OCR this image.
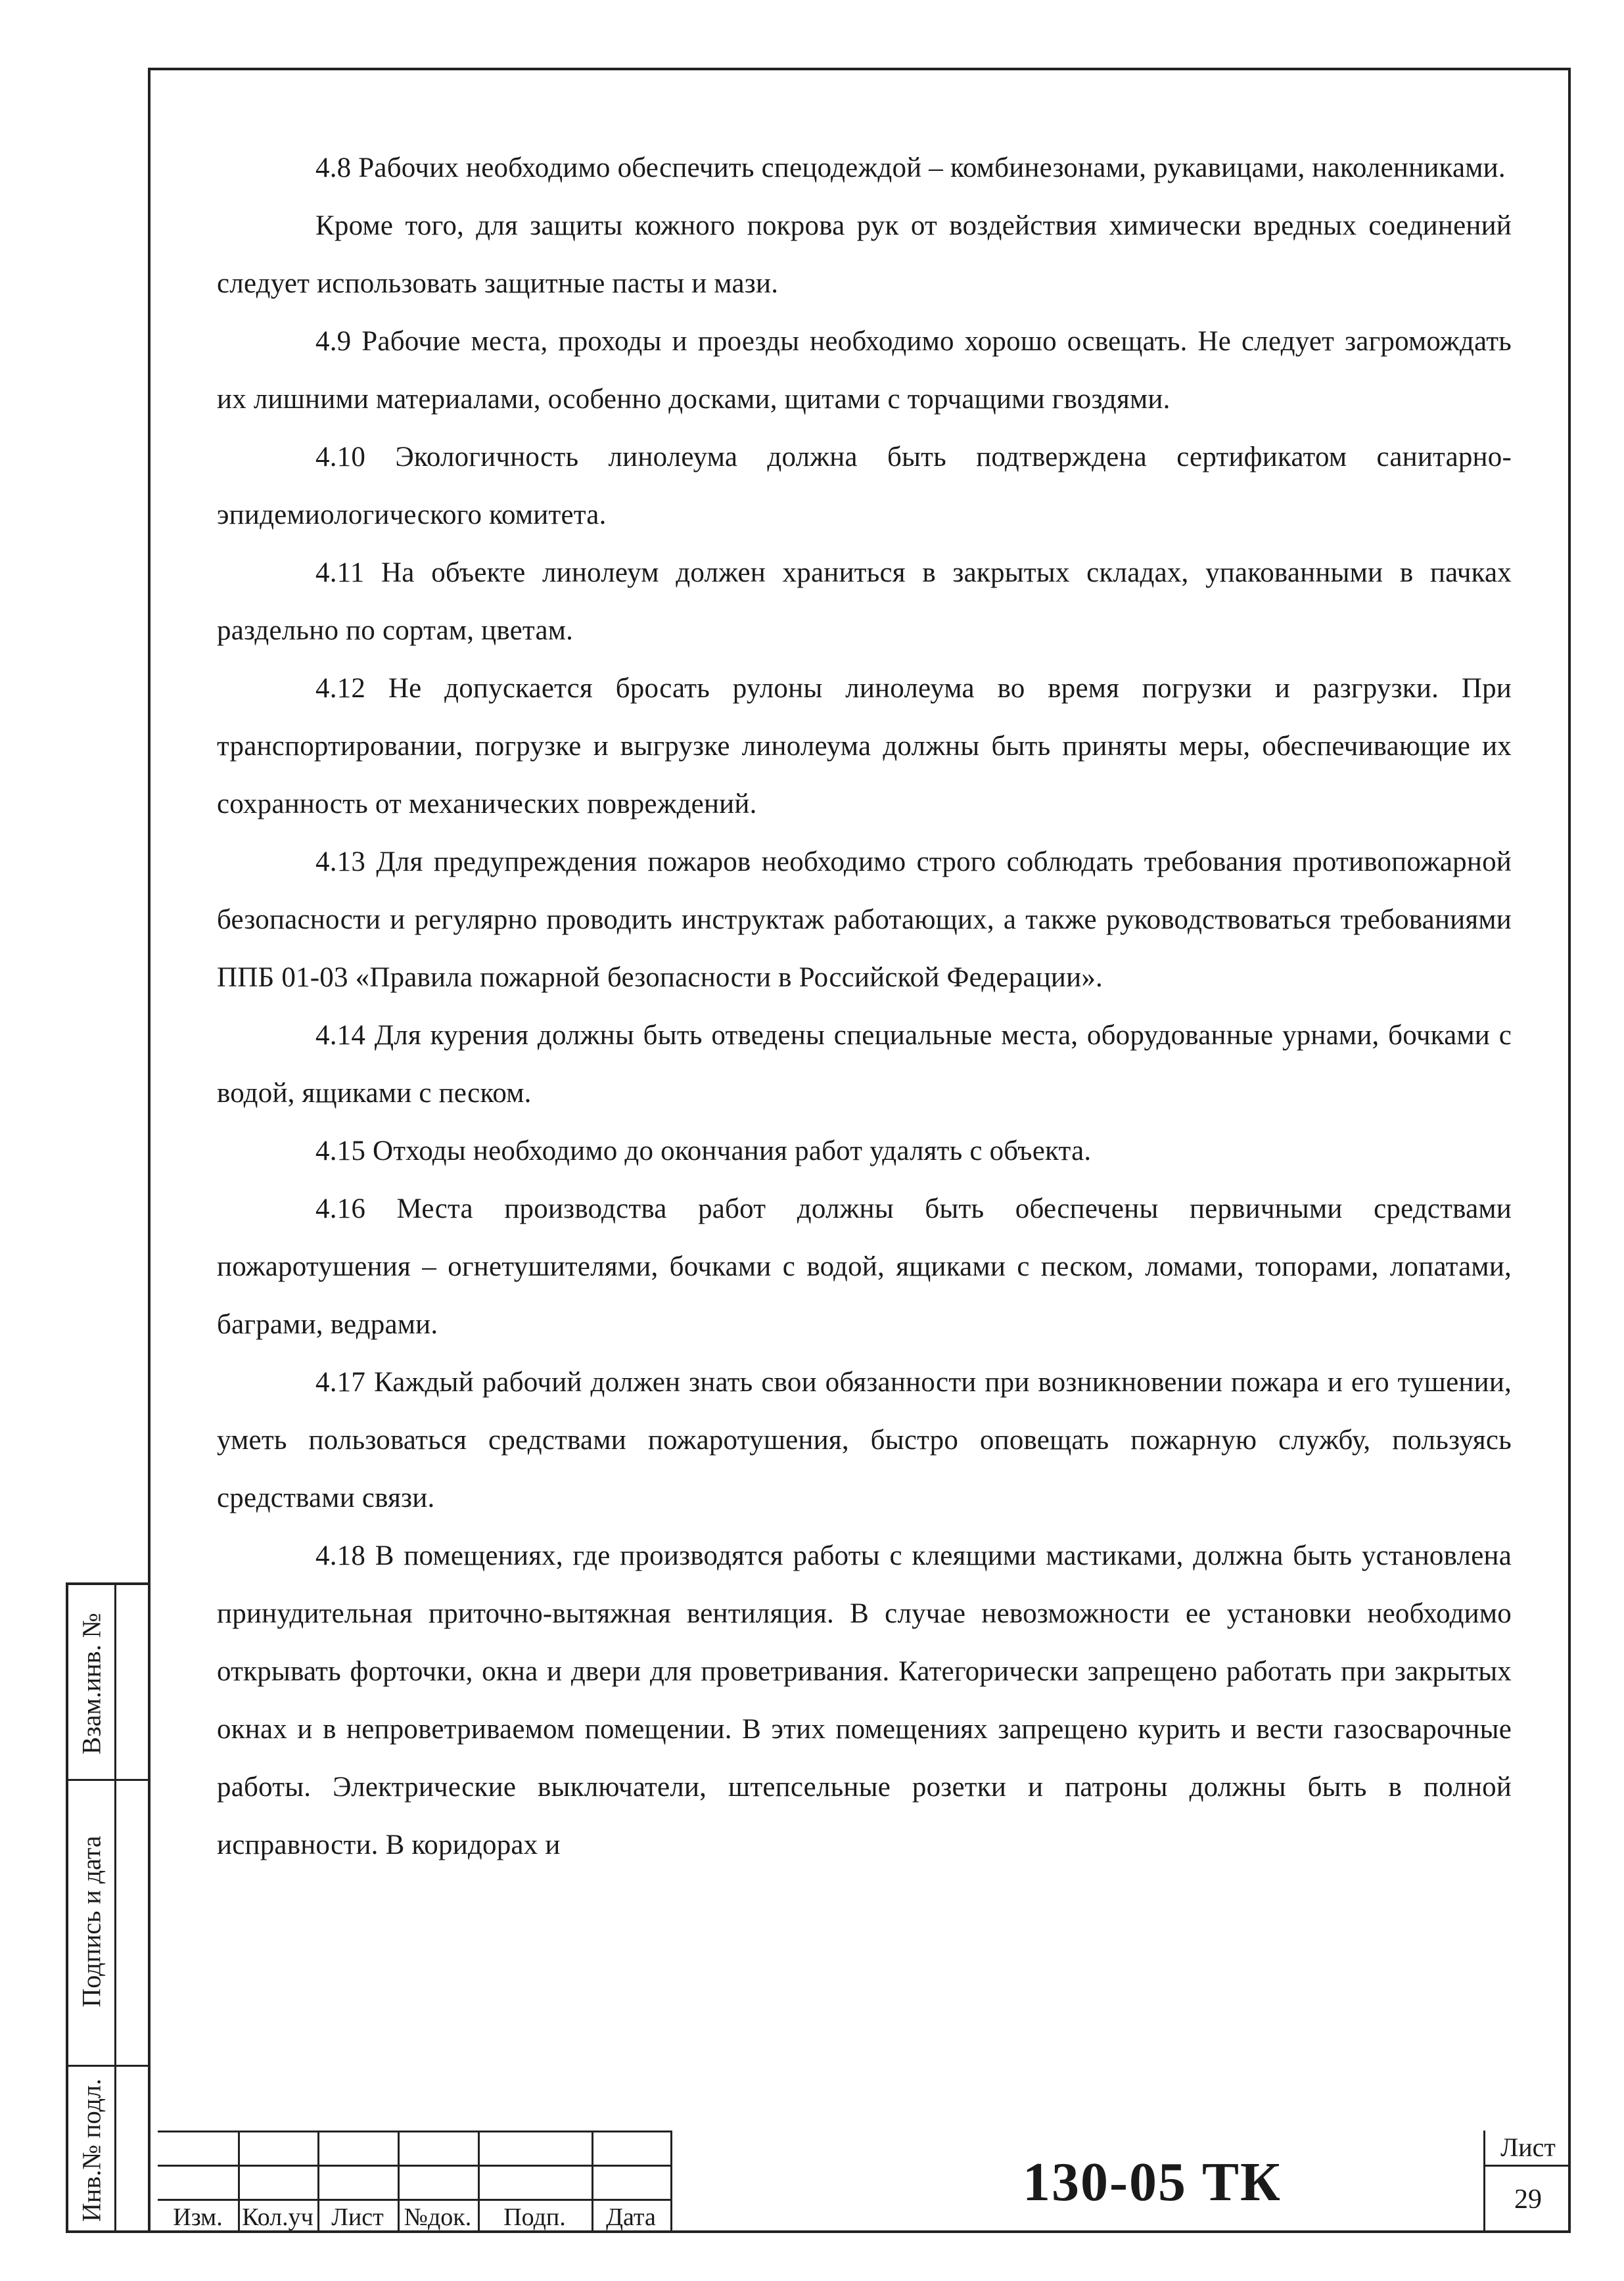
4.8 Рабочих необходимо обеспечить спецодеждой – комбинезонами, рукавицами, наколенниками.

Кроме того, для защиты кожного покрова рук от воздействия химически вредных соединений следует использовать защитные пасты и мази.

4.9 Рабочие места, проходы и проезды необходимо хорошо освещать. Не следует загромождать их лишними материалами, особенно досками, щитами с торчащими гвоздями.

4.10 Экологичность линолеума должна быть подтверждена сертификатом санитарно-эпидемиологического комитета.

4.11 На объекте линолеум должен храниться в закрытых складах, упакованными в пачках раздельно по сортам, цветам.

4.12 Не допускается бросать рулоны линолеума во время погрузки и разгрузки. При транспортировании, погрузке и выгрузке линолеума должны быть приняты меры, обеспечивающие их сохранность от механических повреждений.

4.13 Для предупреждения пожаров необходимо строго соблюдать требования противопожарной безопасности и регулярно проводить инструктаж работающих, а также руководствоваться требованиями ППБ 01-03 «Правила пожарной безопасности в Российской Федерации».

4.14 Для курения должны быть отведены специальные места, оборудованные урнами, бочками с водой, ящиками с песком.

4.15 Отходы необходимо до окончания работ удалять с объекта.

4.16 Места производства работ должны быть обеспечены первичными средствами пожаротушения – огнетушителями, бочками с водой, ящиками с песком, ломами, топорами, лопатами, баграми, ведрами.

4.17 Каждый рабочий должен знать свои обязанности при возникновении пожара и его тушении, уметь пользоваться средствами пожаротушения, быстро оповещать пожарную службу, пользуясь средствами связи.

4.18 В помещениях, где производятся работы с клеящими мастиками, должна быть установлена принудительная приточно-вытяжная вентиляция. В случае невозможности ее установки необходимо открывать форточки, окна и двери для проветривания. Категорически запрещено работать при закрытых окнах и в непроветриваемом помещении. В этих помещениях запрещено курить и вести газосварочные работы. Электрические выключатели, штепсельные розетки и патроны должны быть в полной исправности. В коридорах и

Взам.инв. №
Подпись и дата
Инв.№ подл.	Изм. Кол.уч Лист №док.	Подп.	Дата
130-05 ТК
Лист
29
